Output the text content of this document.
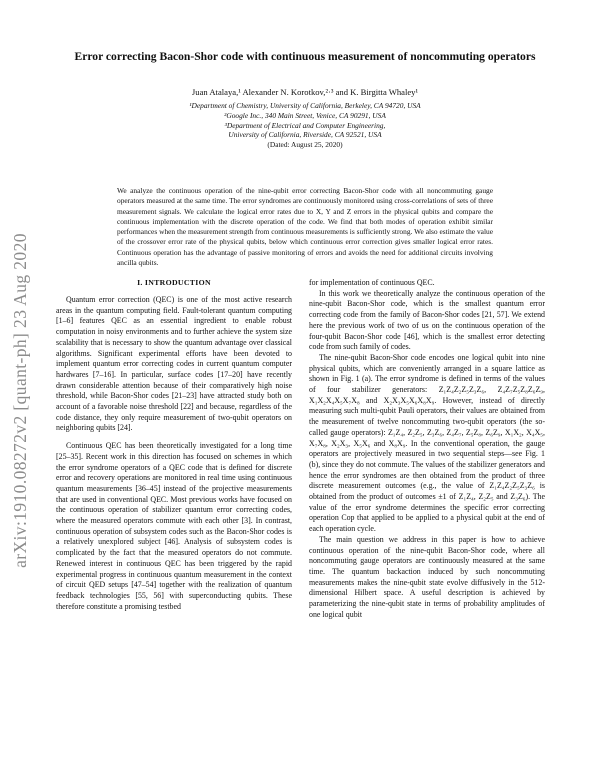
arXiv:1910.08272v2 [quant-ph] 23 Aug 2020
Error correcting Bacon-Shor code with continuous measurement of noncommuting operators
Juan Atalaya,¹ Alexander N. Korotkov,²·³ and K. Birgitta Whaley¹
¹Department of Chemistry, University of California, Berkeley, CA 94720, USA
²Google Inc., 340 Main Street, Venice, CA 90291, USA
³Department of Electrical and Computer Engineering,
University of California, Riverside, CA 92521, USA
(Dated: August 25, 2020)

We analyze the continuous operation of the nine-qubit error correcting Bacon-Shor code with all noncommuting gauge operators measured at the same time. The error syndromes are continuously monitored using cross-correlations of sets of three measurement signals. We calculate the logical error rates due to X, Y and Z errors in the physical qubits and compare the continuous implementation with the discrete operation of the code. We find that both modes of operation exhibit similar performances when the measurement strength from continuous measurements is sufficiently strong. We also estimate the value of the crossover error rate of the physical qubits, below which continuous error correction gives smaller logical error rates. Continuous operation has the advantage of passive monitoring of errors and avoids the need for additional circuits involving ancilla qubits.

I. INTRODUCTION

Quantum error correction (QEC) is one of the most active research areas in the quantum computing field. Fault-tolerant quantum computing [1–6] features QEC as an essential ingredient to enable robust computation in noisy environments and to further achieve the system size scalability that is necessary to show the quantum advantage over classical algorithms. Significant experimental efforts have been devoted to implement quantum error correcting codes in current quantum computer hardwares [7–16]. In particular, surface codes [17–20] have recently drawn considerable attention because of their comparatively high noise threshold, while Bacon-Shor codes [21–23] have attracted study both on account of a favorable noise threshold [22] and because, regardless of the code distance, they only require measurement of two-qubit operators on neighboring qubits [24].

Continuous QEC has been theoretically investigated for a long time [25–35]. Recent work in this direction has focused on schemes in which the error syndrome operators of a QEC code that is defined for discrete error and recovery operations are monitored in real time using continuous quantum measurements [36–45] instead of the projective measurements that are used in conventional QEC. Most previous works have focused on the continuous operation of stabilizer quantum error correcting codes, where the measured operators commute with each other [3]. In contrast, continuous operation of subsystem codes such as the Bacon-Shor codes is a relatively unexplored subject [46]. Analysis of subsystem codes is complicated by the fact that the measured operators do not commute. Renewed interest in continuous QEC has been triggered by the rapid experimental progress in continuous quantum measurement in the context of circuit QED setups [47–54] together with the realization of quantum feedback technologies [55, 56] with superconducting qubits. These therefore constitute a promising testbed

for implementation of continuous QEC.

In this work we theoretically analyze the continuous operation of the nine-qubit Bacon-Shor code, which is the smallest quantum error correcting code from the family of Bacon-Shor codes [21, 57]. We extend here the previous work of two of us on the continuous operation of the four-qubit Bacon-Shor code [46], which is the smallest error detecting code from such family of codes.

The nine-qubit Bacon-Shor code encodes one logical qubit into nine physical qubits, which are conveniently arranged in a square lattice as shown in Fig. 1 (a). The error syndrome is defined in terms of the values of four stabilizer generators: Z₁Z₄Z₂Z₅Z₃Z₆, Z₄Z₇Z₅Z₈Z₆Z₉, X₁X₂X₄X₅X₇X₈ and X₂X₃X₅X₆X₈X₉. However, instead of directly measuring such multi-qubit Pauli operators, their values are obtained from the measurement of twelve noncommuting two-qubit operators (the so-called gauge operators): Z₁Z₄, Z₂Z₅, Z₃Z₆, Z₄Z₇, Z₅Z₈, Z₆Z₉, X₁X₂, X₄X₅, X₇X₈, X₂X₃, X₅X₆ and X₈X₉. In the conventional operation, the gauge operators are projectively measured in two sequential steps—see Fig. 1 (b), since they do not commute. The values of the stabilizer generators and hence the error syndromes are then obtained from the product of three discrete measurement outcomes (e.g., the value of Z₁Z₄Z₂Z₅Z₃Z₆ is obtained from the product of outcomes ±1 of Z₁Z₄, Z₂Z₅ and Z₃Z₆). The value of the error syndrome determines the specific error correcting operation Cop that applied to be applied to a physical qubit at the end of each operation cycle.

The main question we address in this paper is how to achieve continuous operation of the nine-qubit Bacon-Shor code, where all noncommuting gauge operators are continuously measured at the same time. The quantum backaction induced by such noncommuting measurements makes the nine-qubit state evolve diffusively in the 512-dimensional Hilbert space. A useful description is achieved by parameterizing the nine-qubit state in terms of probability amplitudes of one logical qubit
